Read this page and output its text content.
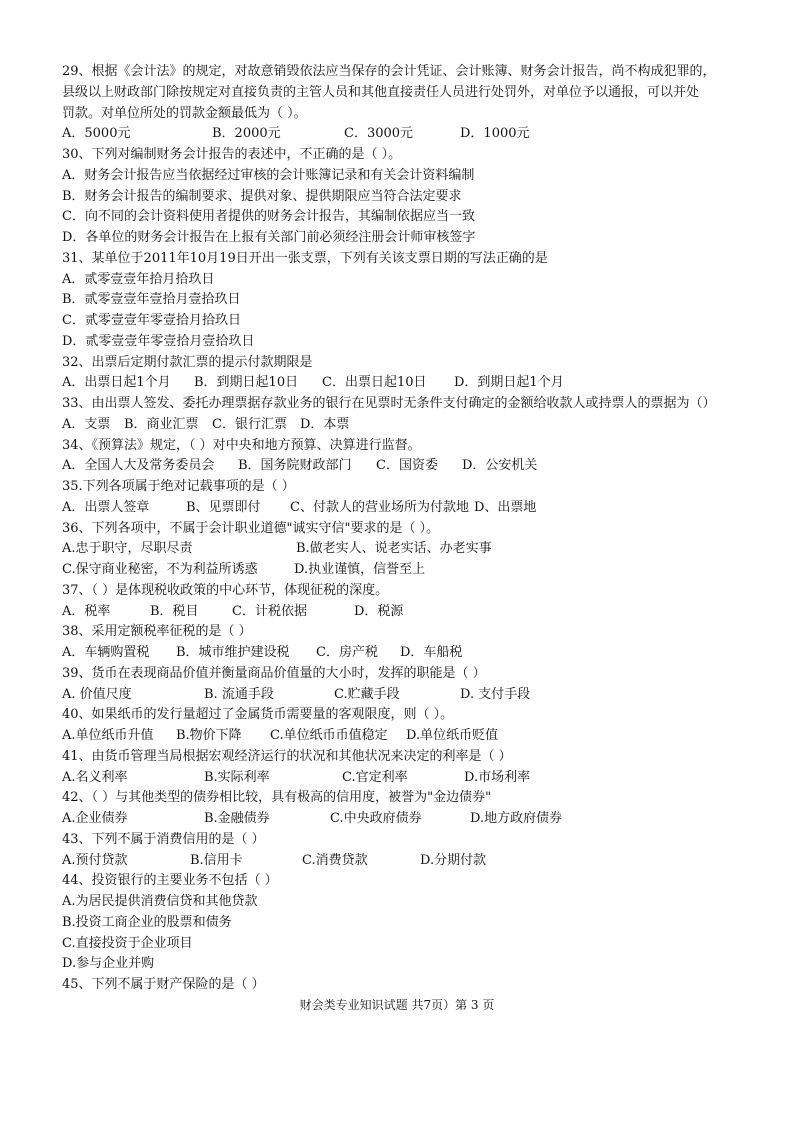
29、根据《会计法》的规定，对故意销毁依法应当保存的会计凭证、会计账簿、财务会计报告，尚不构成犯罪的，
县级以上财政部门除按规定对直接负责的主管人员和其他直接责任人员进行处罚外，对单位予以通报，可以并处
罚款。对单位所处的罚款金额最低为（ ）。
A．5000元	B．2000元	C．3000元	D．1000元
30、下列对编制财务会计报告的表述中，不正确的是（ ）。
A．财务会计报告应当依据经过审核的会计账簿记录和有关会计资料编制
B．财务会计报告的编制要求、提供对象、提供期限应当符合法定要求
C．向不同的会计资料使用者提供的财务会计报告，其编制依据应当一致
D．各单位的财务会计报告在上报有关部门前必须经注册会计师审核签字
31、某单位于2011年10月19日开出一张支票，下列有关该支票日期的写法正确的是
A．贰零壹壹年拾月拾玖日
B．贰零壹壹年壹拾月壹拾玖日
C．贰零壹壹年零壹拾月拾玖日
D．贰零壹壹年零壹拾月壹拾玖日
32、出票后定期付款汇票的提示付款期限是
A．出票日起1个月 B．到期日起10日 C．出票日起10日 D．到期日起1个月
33、由出票人签发、委托办理票据存款业务的银行在见票时无条件支付确定的金额给收款人或持票人的票据为（）
A．支票 B．商业汇票 C．银行汇票 D．本票
34、《预算法》规定，（ ）对中央和地方预算、决算进行监督。
A．全国人大及常务委员会 B．国务院财政部门 C．国资委 D．公安机关
35.下列各项属于绝对记载事项的是（ ）
A．出票人签章	B、见票即付 C、付款人的营业场所为付款地 D、出票地
36、下列各项中，不属于会计职业道德"诚实守信"要求的是（ ）。
A.忠于职守，尽职尽责	B.做老实人、说老实话、办老实事
C.保守商业秘密，不为利益所诱惑	D.执业谨慎，信誉至上
37、（ ）是体现税收政策的中心环节，体现征税的深度。
A．税率	B．税目	C．计税依据	D．税源
38、采用定额税率征税的是（ ）
A．车辆购置税 B．城市维护建设税 C．房产税 D．车船税
39、货币在表现商品价值并衡量商品价值量的大小时，发挥的职能是（ ）
A. 价值尺度	B. 流通手段	C.贮藏手段	D. 支付手段
40、如果纸币的发行量超过了金属货币需要量的客观限度，则（ ）。
A.单位纸币升值 B.物价下降 C.单位纸币币值稳定 D.单位纸币贬值
41、由货币管理当局根据宏观经济运行的状况和其他状况来决定的利率是（ ）
A.名义利率	B.实际利率	C.官定利率	D.市场利率
42、（ ）与其他类型的债券相比较，具有极高的信用度，被誉为"金边债券"
A.企业债券	B.金融债券	C.中央政府债券	D.地方政府债券
43、下列不属于消费信用的是（ ）
A.预付贷款	B.信用卡	C.消费贷款	D.分期付款
44、投资银行的主要业务不包括（ ）
A.为居民提供消费信贷和其他贷款
B.投资工商企业的股票和债务
C.直接投资于企业项目
D.参与企业并购
45、下列不属于财产保险的是（ ）
财会类专业知识试题 共7页）第 3 页
